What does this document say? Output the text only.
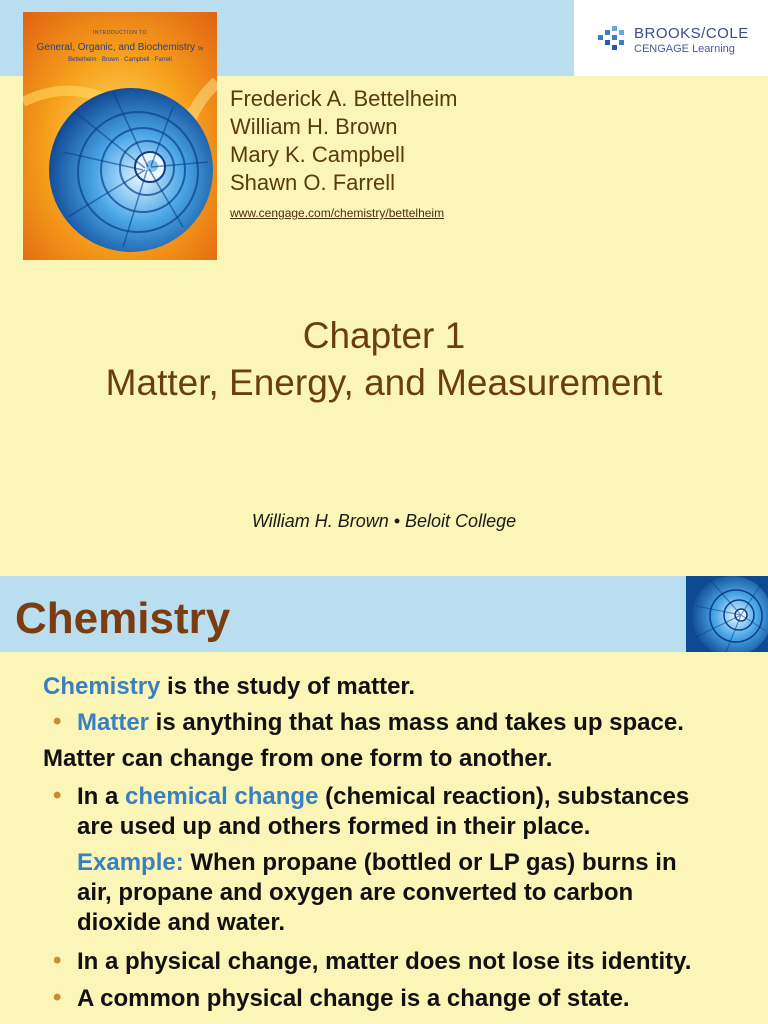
BROOKS/COLE
CENGAGE Learning
INTRODUCTION TO
General, Organic, and Biochemistry 9e
Bettelheim · Brown · Campbell · Farrell
Frederick A. Bettelheim
William H. Brown
Mary K. Campbell
Shawn O. Farrell
www.cengage.com/chemistry/bettelheim
Chapter 1
Matter, Energy, and Measurement
William H. Brown • Beloit College
Chemistry
Chemistry is the study of matter.
• Matter is anything that has mass and takes up space.
Matter can change from one form to another.
• In a chemical change (chemical reaction), substances
are used up and others formed in their place.
Example: When propane (bottled or LP gas) burns in
air, propane and oxygen are converted to carbon
dioxide and water.
• In a physical change, matter does not lose its identity.
• A common physical change is a change of state.
